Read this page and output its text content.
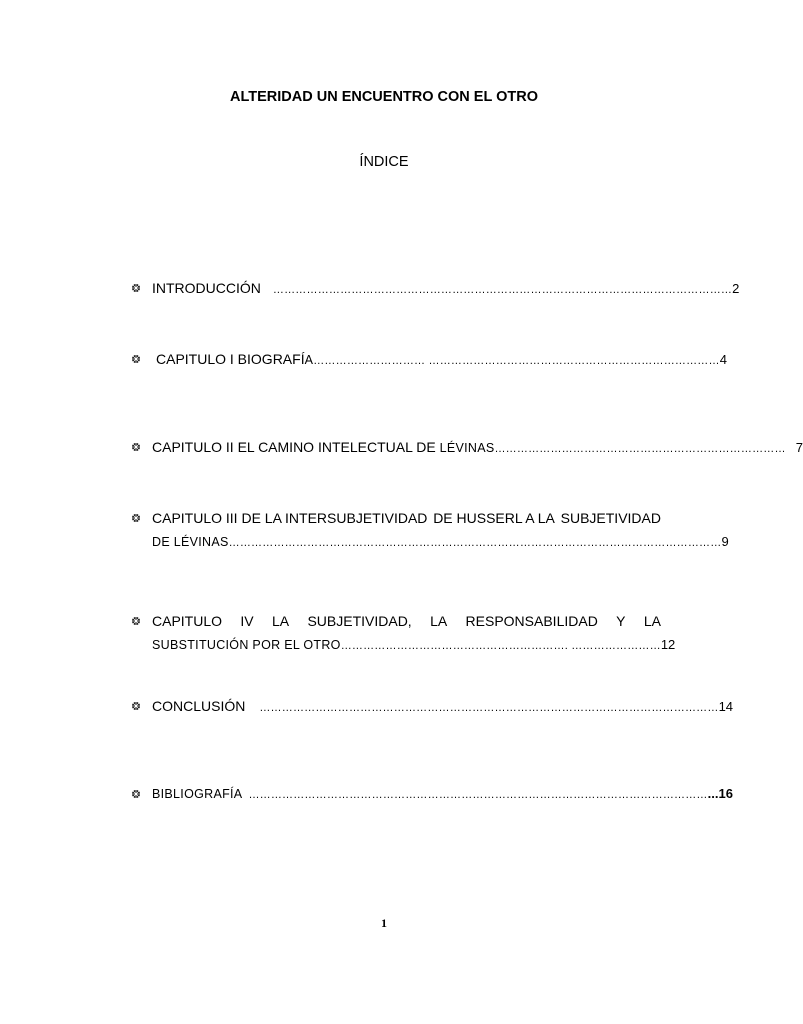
ALTERIDAD UN ENCUENTRO CON EL OTRO
ÍNDICE
INTRODUCCIÓN	…………………………………………………………………………………………………………… 2
CAPITULO I BIOGRAFÍA ………………………… …………………………………………………………………… 4
CAPITULO II EL CAMINO INTELECTUAL DE LÉVINAS …………………………………………………………………… 7
CAPITULO III DE LA INTERSUBJETIVIDAD DE HUSSERL A LA SUBJETIVIDAD
DE LÉVINAS …………………………………………………………………………………………………………………… 9
CAPITULO IV LA SUBJETIVIDAD, LA RESPONSABILIDAD Y LA
SUBSTITUCIÓN POR EL OTRO ……………………………………………………. …………………… 12
CONCLUSIÓN	…………………………………………………………………………………………………………… 14
BIBLIOGRAFÍA …………………………………………………………………………………………………………… ...16
1
